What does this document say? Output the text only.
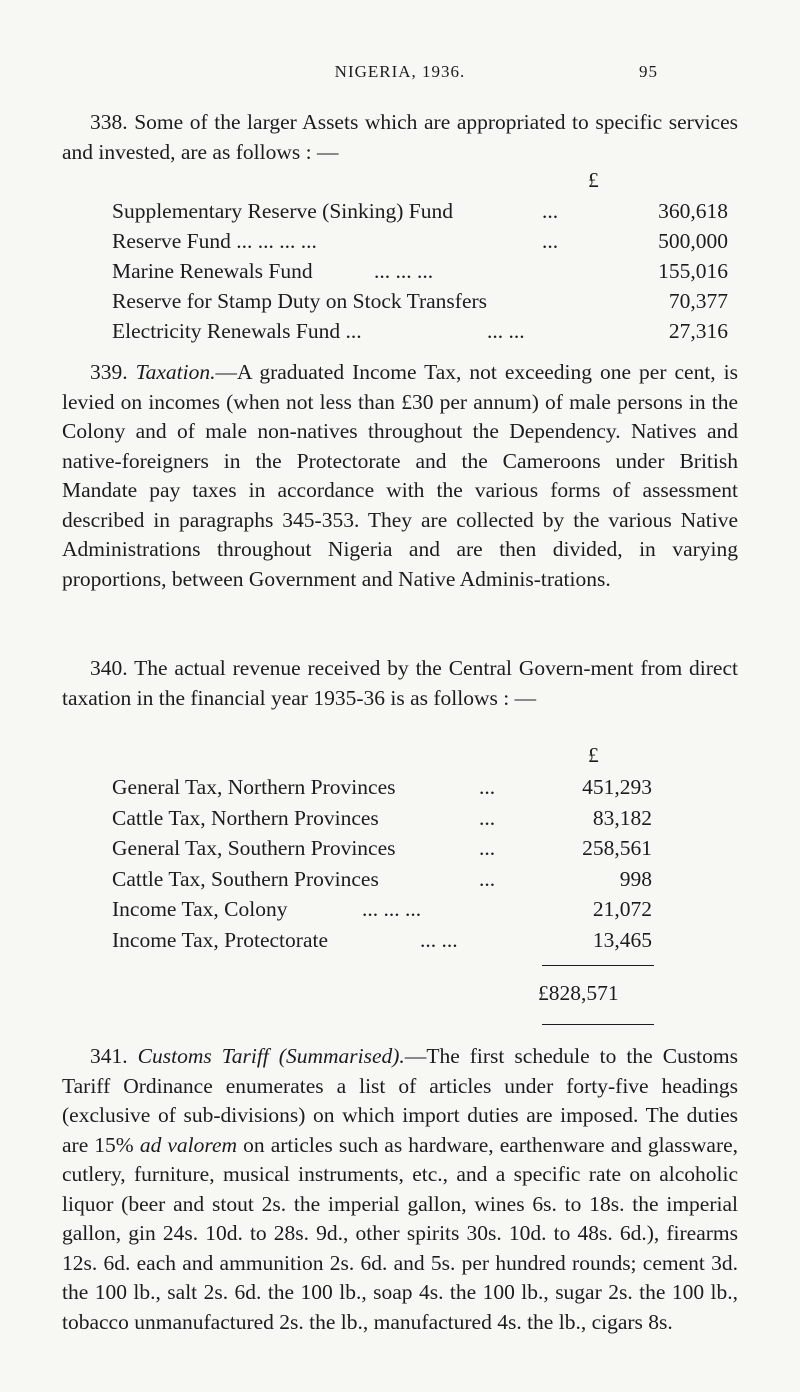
NIGERIA, 1936.	95

338. Some of the larger Assets which are appropriated to specific services and invested, are as follows : —

£
Supplementary Reserve (Sinking) Fund	...	360,618
Reserve Fund ... ... ... ...	...	500,000
Marine Renewals Fund	... ... ...	155,016
Reserve for Stamp Duty on Stock Transfers	70,377
Electricity Renewals Fund ...	... ...	27,316

339. Taxation.—A graduated Income Tax, not exceeding one per cent, is levied on incomes (when not less than £30 per annum) of male persons in the Colony and of male non-natives throughout the Dependency. Natives and native-foreigners in the Protectorate and the Cameroons under British Mandate pay taxes in accordance with the various forms of assessment described in paragraphs 345-353. They are collected by the various Native Administrations throughout Nigeria and are then divided, in varying proportions, between Government and Native Adminis-trations.

340. The actual revenue received by the Central Govern-ment from direct taxation in the financial year 1935-36 is as follows : —

£
General Tax, Northern Provinces	...	451,293
Cattle Tax, Northern Provinces	...	83,182
General Tax, Southern Provinces	...	258,561
Cattle Tax, Southern Provinces	...	998
Income Tax, Colony	... ... ...	21,072
Income Tax, Protectorate	... ...	13,465
£828,571

341. Customs Tariff (Summarised).—The first schedule to the Customs Tariff Ordinance enumerates a list of articles under forty-five headings (exclusive of sub-divisions) on which import duties are imposed. The duties are 15% ad valorem on articles such as hardware, earthenware and glassware, cutlery, furniture, musical instruments, etc., and a specific rate on alcoholic liquor (beer and stout 2s. the imperial gallon, wines 6s. to 18s. the imperial gallon, gin 24s. 10d. to 28s. 9d., other spirits 30s. 10d. to 48s. 6d.), firearms 12s. 6d. each and ammunition 2s. 6d. and 5s. per hundred rounds; cement 3d. the 100 lb., salt 2s. 6d. the 100 lb., soap 4s. the 100 lb., sugar 2s. the 100 lb., tobacco unmanufactured 2s. the lb., manufactured 4s. the lb., cigars 8s.
